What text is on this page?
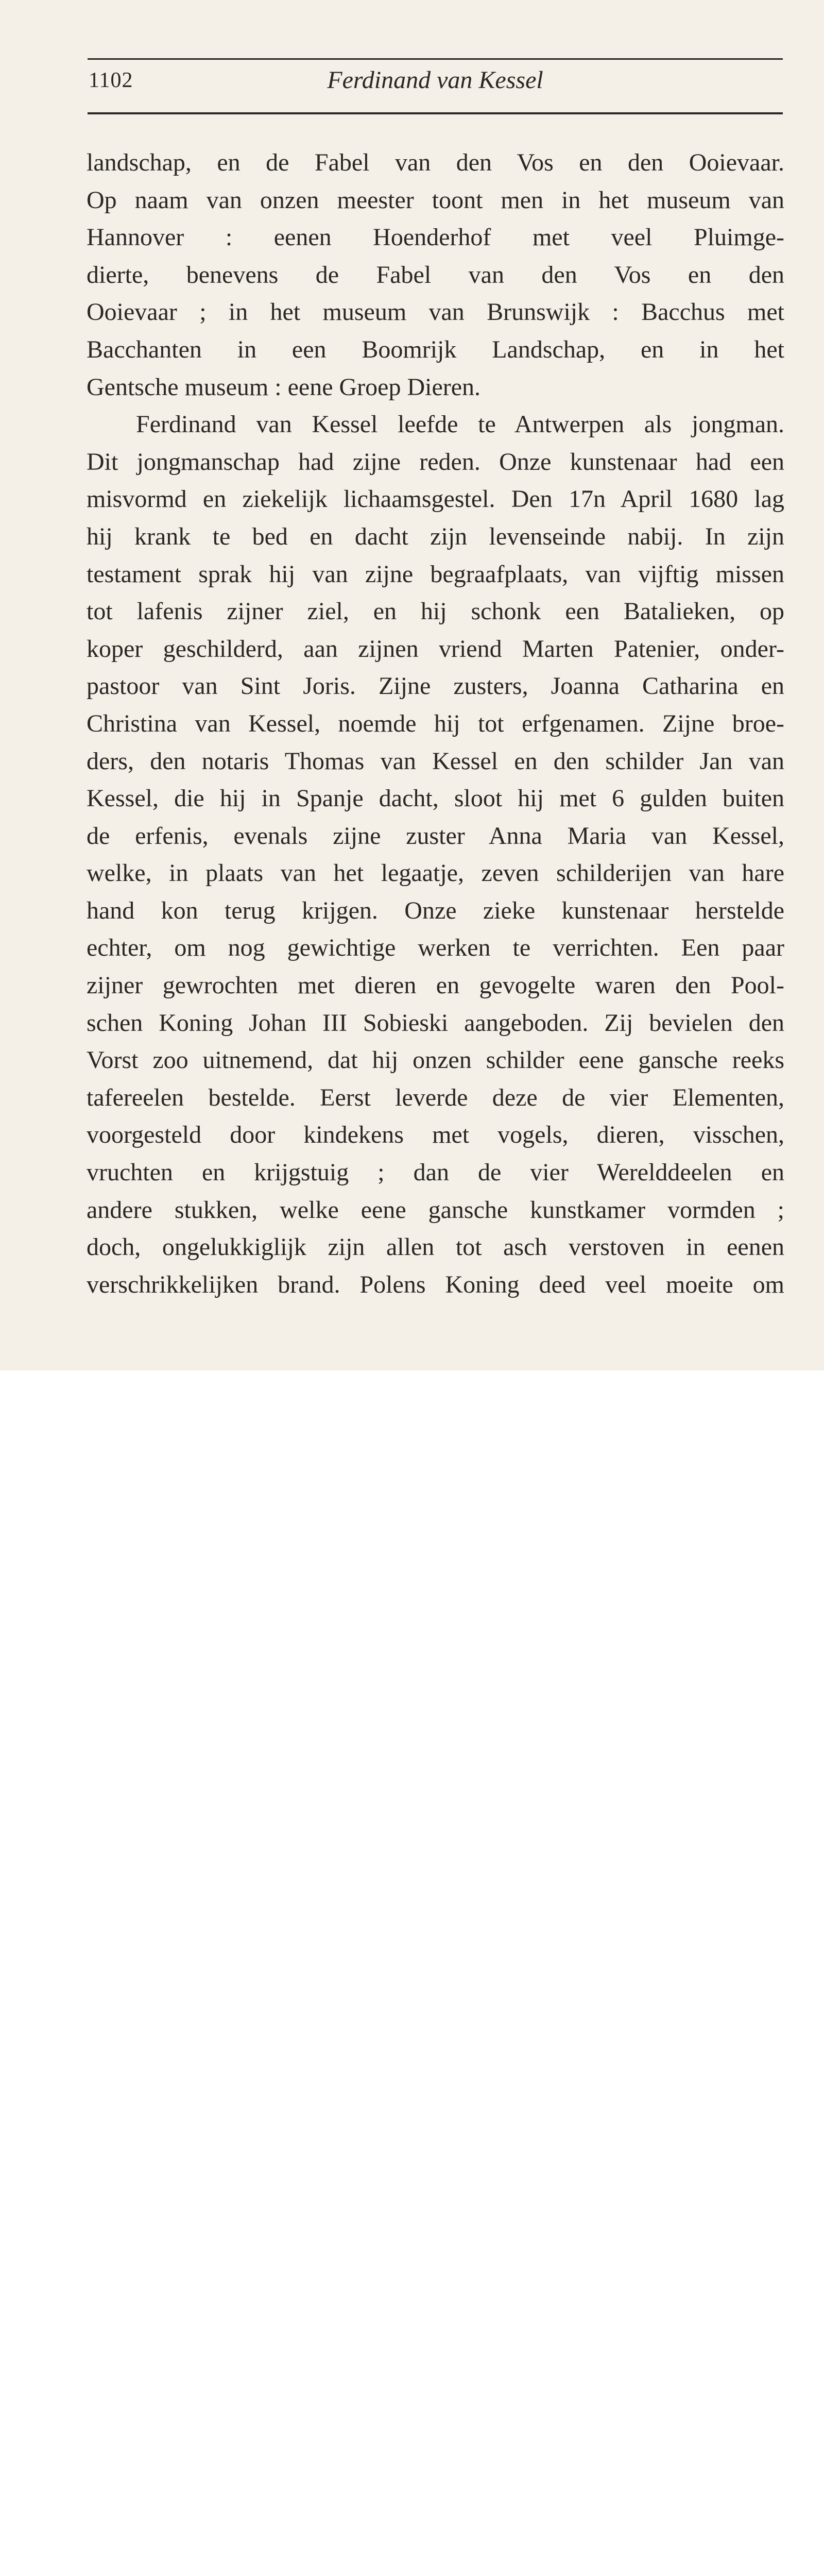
1102	Ferdinand van Kessel
landschap, en de Fabel van den Vos en den Ooievaar.
Op naam van onzen meester toont men in het museum van
Hannover : eenen Hoenderhof met veel Pluimge-
dierte, benevens de Fabel van den Vos en den
Ooievaar ; in het museum van Brunswijk : Bacchus met
Bacchanten in een Boomrijk Landschap, en in het
Gentsche museum : eene Groep Dieren.
Ferdinand van Kessel leefde te Antwerpen als jongman.
Dit jongmanschap had zijne reden. Onze kunstenaar had een
misvormd en ziekelijk lichaamsgestel. Den 17n April 1680 lag
hij krank te bed en dacht zijn levenseinde nabij. In zijn
testament sprak hij van zijne begraafplaats, van vijftig missen
tot lafenis zijner ziel, en hij schonk een Batalieken, op
koper geschilderd, aan zijnen vriend Marten Patenier, onder-
pastoor van Sint Joris. Zijne zusters, Joanna Catharina en
Christina van Kessel, noemde hij tot erfgenamen. Zijne broe-
ders, den notaris Thomas van Kessel en den schilder Jan van
Kessel, die hij in Spanje dacht, sloot hij met 6 gulden buiten
de erfenis, evenals zijne zuster Anna Maria van Kessel,
welke, in plaats van het legaatje, zeven schilderijen van hare
hand kon terug krijgen. Onze zieke kunstenaar herstelde
echter, om nog gewichtige werken te verrichten. Een paar
zijner gewrochten met dieren en gevogelte waren den Pool-
schen Koning Johan III Sobieski aangeboden. Zij bevielen den
Vorst zoo uitnemend, dat hij onzen schilder eene gansche reeks
tafereelen bestelde. Eerst leverde deze de vier Elementen,
voorgesteld door kindekens met vogels, dieren, visschen,
vruchten en krijgstuig ; dan de vier Werelddeelen en
andere stukken, welke eene gansche kunstkamer vormden ;
doch, ongelukkiglijk zijn allen tot asch verstoven in eenen
verschrikkelijken brand. Polens Koning deed veel moeite om
